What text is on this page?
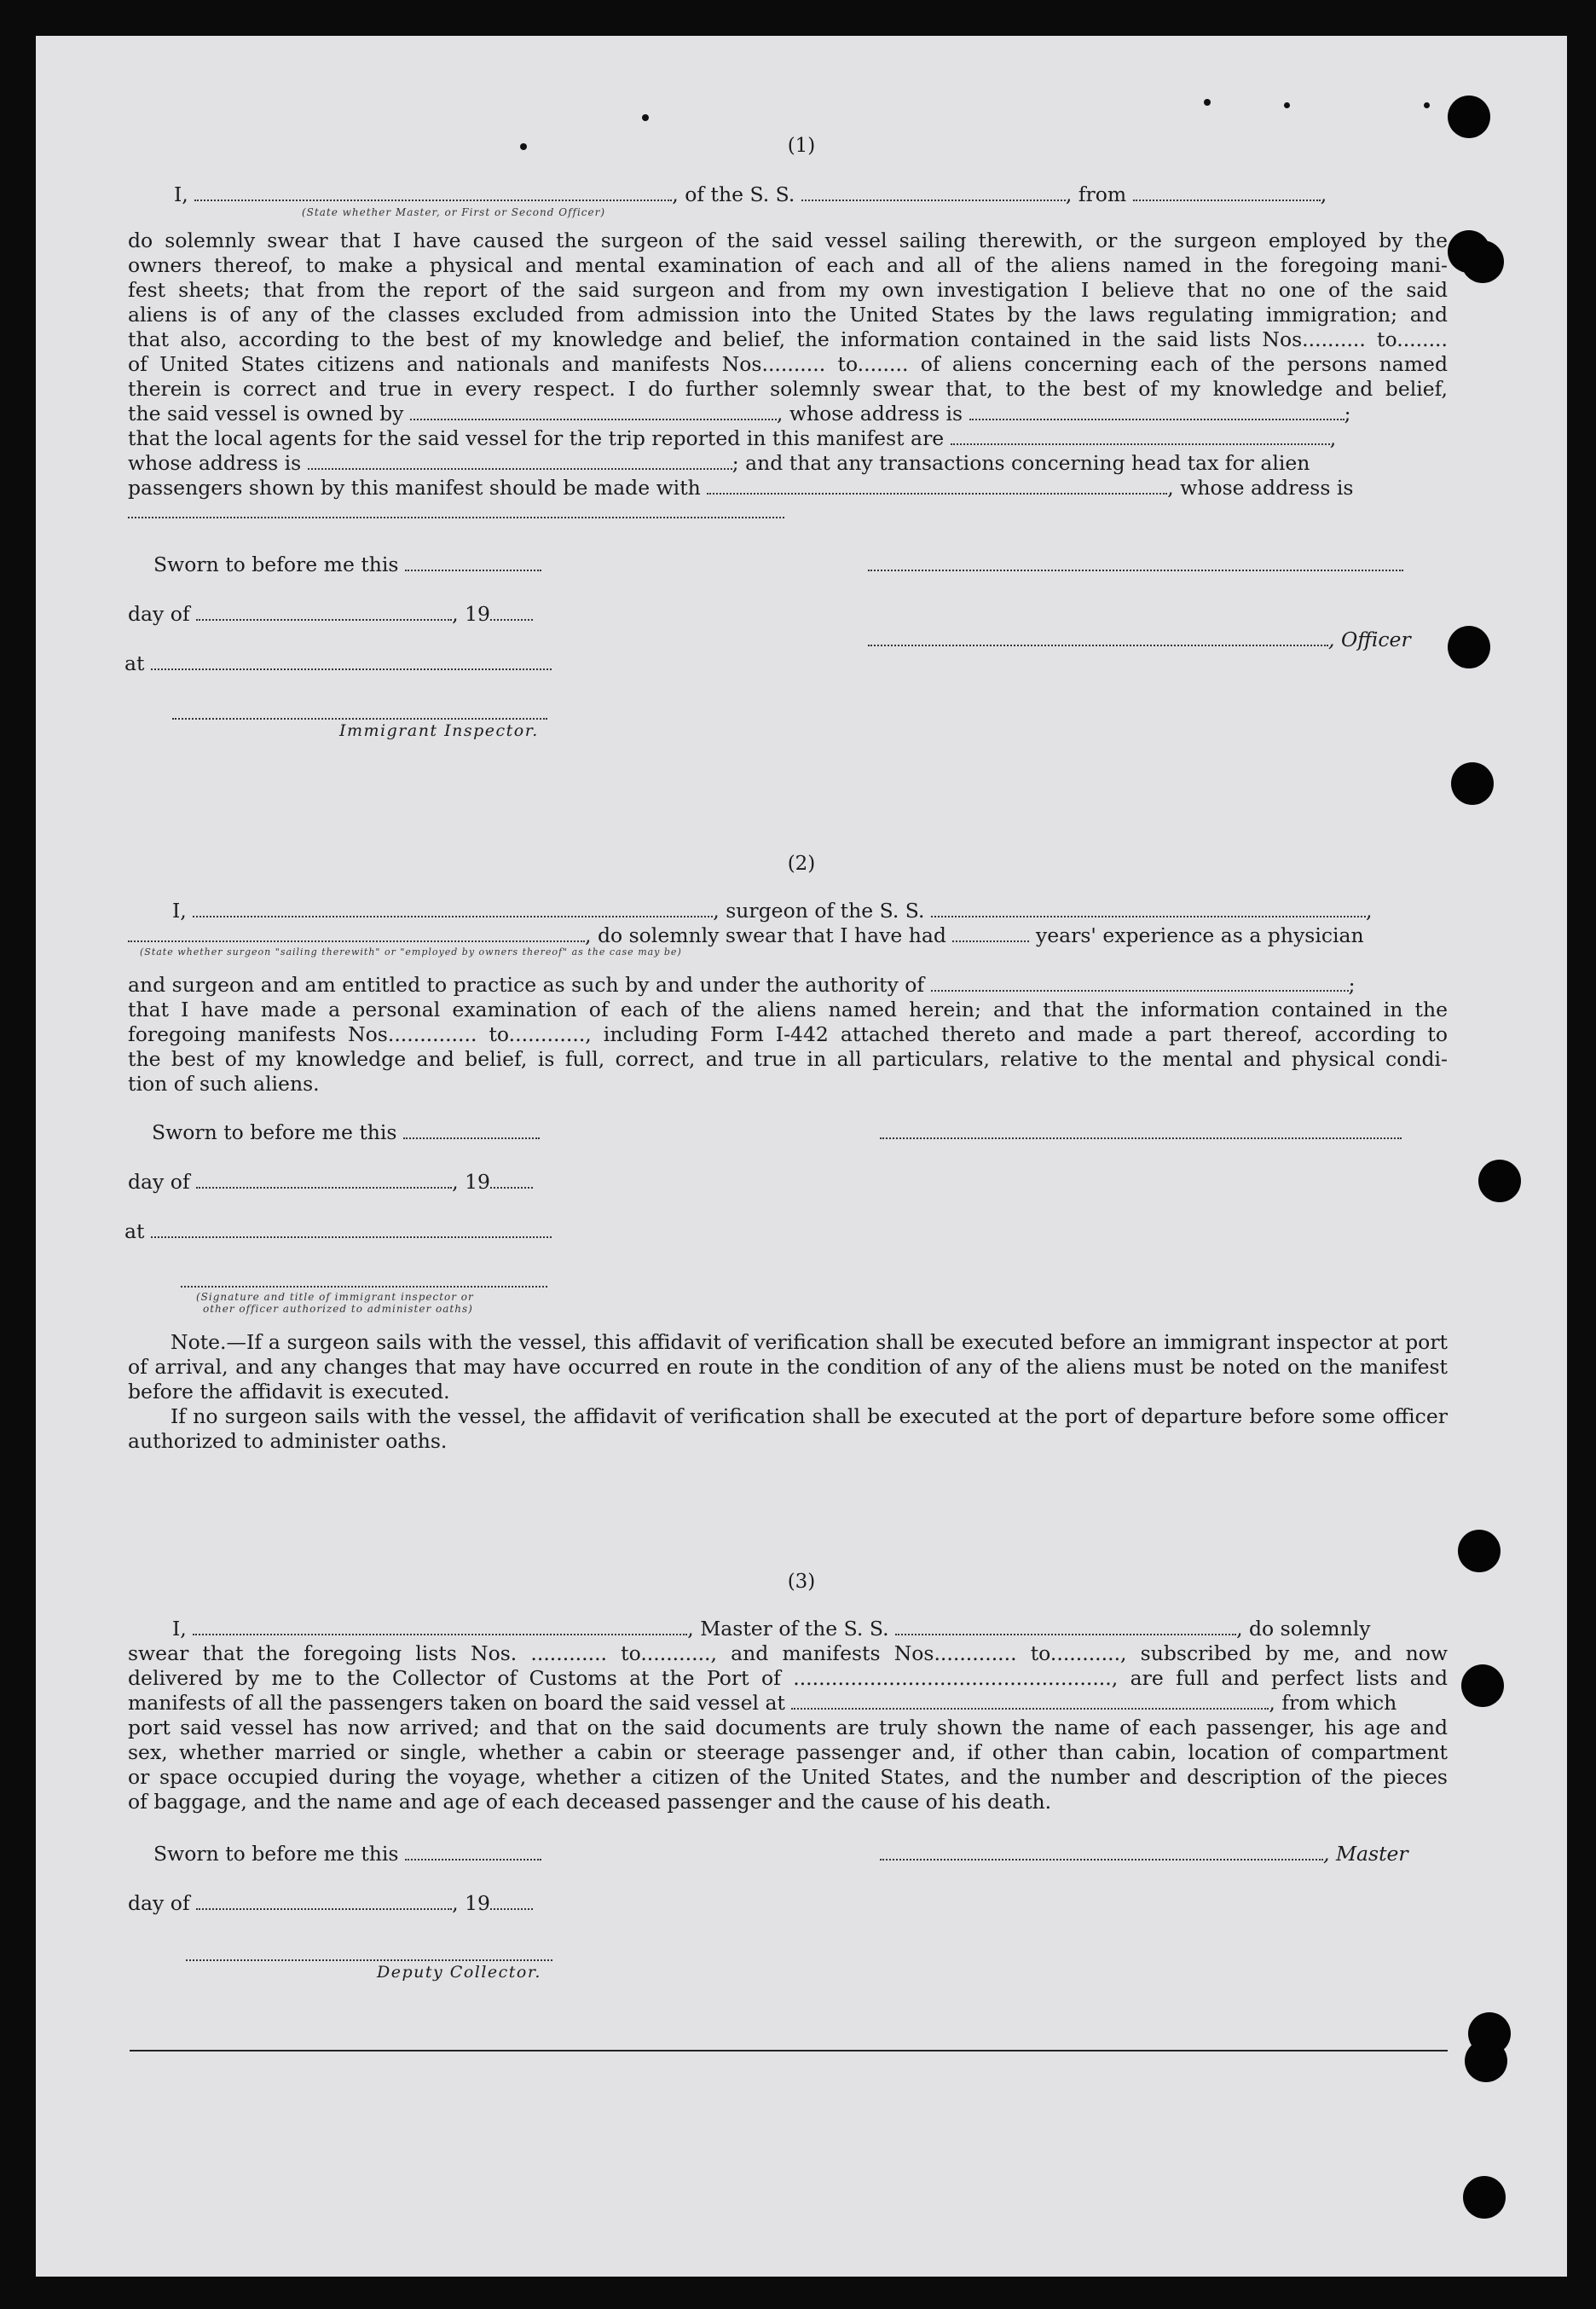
(1)
I,	, of the S. S.	, from	,
(State whether Master, or First or Second Officer)
do solemnly swear that I have caused the surgeon of the said vessel sailing therewith, or the surgeon employed by the
owners thereof, to make a physical and mental examination of each and all of the aliens named in the foregoing mani-
fest sheets; that from the report of the said surgeon and from my own investigation I believe that no one of the said
aliens is of any of the classes excluded from admission into the United States by the laws regulating immigration; and
that also, according to the best of my knowledge and belief, the information contained in the said lists Nos.......... to........
of United States citizens and nationals and manifests Nos.......... to........ of aliens concerning each of the persons named
therein is correct and true in every respect. I do further solemnly swear that, to the best of my knowledge and belief,
the said vessel is owned by	, whose address is	;
that the local agents for the said vessel for the trip reported in this manifest are	,
whose address is	; and that any transactions concerning head tax for alien
passengers shown by this manifest should be made with	, whose address is
Sworn to before me this
day of	, 19
, Officer
at
Immigrant Inspector.
(2)
I,	, surgeon of the S. S.	,
, do solemnly swear that I have had	years' experience as a physician
(State whether surgeon "sailing therewith" or "employed by owners thereof" as the case may be)
and surgeon and am entitled to practice as such by and under the authority of	;
that I have made a personal examination of each of the aliens named herein; and that the information contained in the
foregoing manifests Nos.............. to............, including Form I-442 attached thereto and made a part thereof, according to
the best of my knowledge and belief, is full, correct, and true in all particulars, relative to the mental and physical condi-
tion of such aliens.
Sworn to before me this
day of	, 19
at
(Signature and title of immigrant inspector or
other officer authorized to administer oaths)
Note.—If a surgeon sails with the vessel, this affidavit of verification shall be executed before an immigrant inspector at port of arrival, and any changes that may have occurred en route in the condition of any of the aliens must be noted on the manifest before the affidavit is executed.
If no surgeon sails with the vessel, the affidavit of verification shall be executed at the port of departure before some officer authorized to administer oaths.
(3)
I,	, Master of the S. S.	, do solemnly
swear that the foregoing lists Nos. ............ to..........., and manifests Nos............. to..........., subscribed by me, and now
delivered by me to the Collector of Customs at the Port of .................................................., are full and perfect lists and
manifests of all the passengers taken on board the said vessel at	, from which
port said vessel has now arrived; and that on the said documents are truly shown the name of each passenger, his age and
sex, whether married or single, whether a cabin or steerage passenger and, if other than cabin, location of compartment
or space occupied during the voyage, whether a citizen of the United States, and the number and description of the pieces
of baggage, and the name and age of each deceased passenger and the cause of his death.
Sworn to before me this	, Master
day of	, 19
Deputy Collector.
